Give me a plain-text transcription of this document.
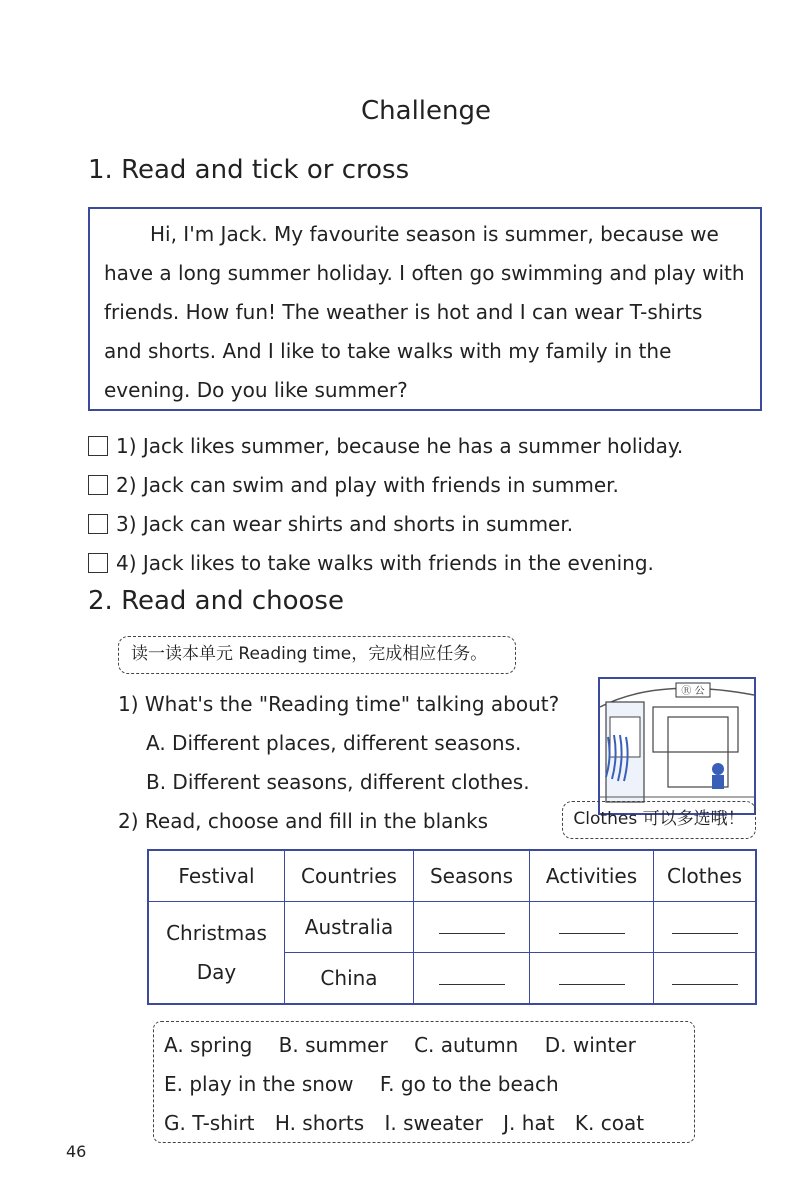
Challenge
1. Read and tick or cross

Hi, I'm Jack. My favourite season is summer, because we have a long summer holiday. I often go swimming and play with friends. How fun! The weather is hot and I can wear T-shirts and shorts. And I like to take walks with my family in the evening. Do you like summer?

1) Jack likes summer, because he has a summer holiday.
2) Jack can swim and play with friends in summer.
3) Jack can wear shirts and shorts in summer.
4) Jack likes to take walks with friends in the evening.
2. Read and choose
读一读本单元 Reading time，完成相应任务。
1) What's the "Reading time" talking about?
A. Different places, different seasons.
B. Different seasons, different clothes.
Ⓡ 公
2) Read, choose and fill in the blanks	Clothes 可以多选哦！
Festival	Countries	Seasons	Activities	Clothes
Christmas
Day	Australia			
	China			
A. spring B. summer C. autumn D. winter
E. play in the snow F. go to the beach
G. T-shirt H. shorts I. sweater J. hat K. coat
46
